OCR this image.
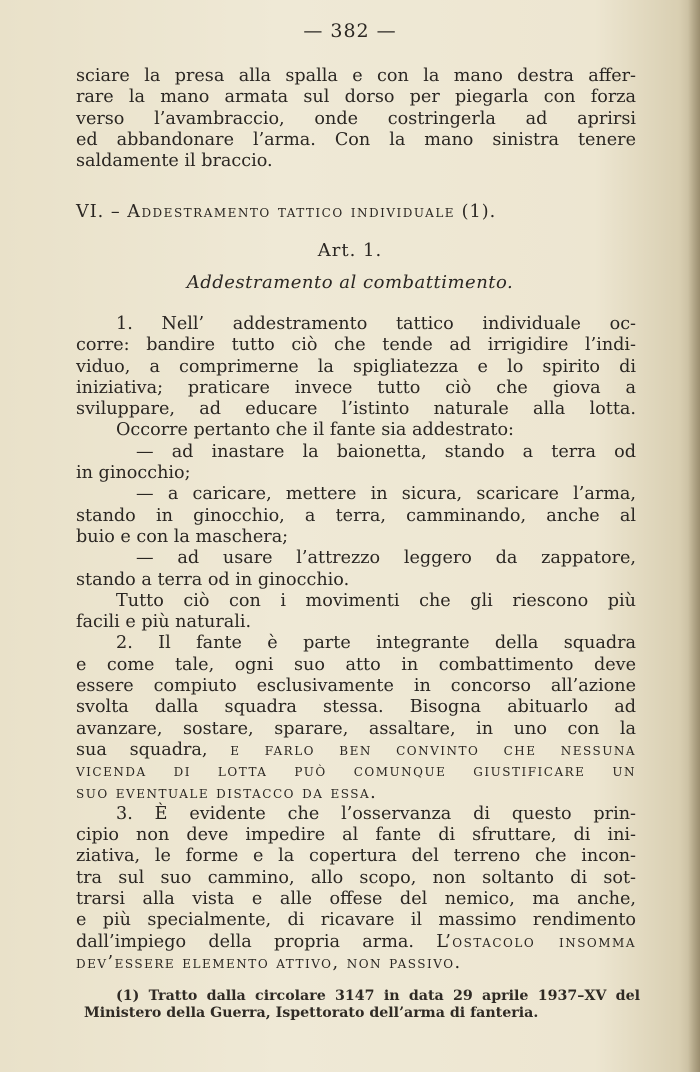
— 382 —
sciare la presa alla spalla e con la mano destra affer-
rare la mano armata sul dorso per piegarla con forza
verso l’avambraccio, onde costringerla ad aprirsi
ed abbandonare l’arma. Con la mano sinistra tenere
saldamente il braccio.
VI. – Addestramento tattico individuale (1).
Art. 1.
Addestramento al combattimento.
1. Nell’ addestramento tattico individuale oc-
corre: bandire tutto ciò che tende ad irrigidire l’indi-
viduo, a comprimerne la spigliatezza e lo spirito di
iniziativa; praticare invece tutto ciò che giova a
sviluppare, ad educare l’istinto naturale alla lotta.
Occorre pertanto che il fante sia addestrato:
— ad inastare la baionetta, stando a terra od
in ginocchio;
— a caricare, mettere in sicura, scaricare l’arma,
stando in ginocchio, a terra, camminando, anche al
buio e con la maschera;
— ad usare l’attrezzo leggero da zappatore,
stando a terra od in ginocchio.
Tutto ciò con i movimenti che gli riescono più
facili e più naturali.
2. Il fante è parte integrante della squadra
e come tale, ogni suo atto in combattimento deve
essere compiuto esclusivamente in concorso all’azione
svolta dalla squadra stessa. Bisogna abituarlo ad
avanzare, sostare, sparare, assaltare, in uno con la
sua squadra, e farlo ben convinto che nessuna
vicenda di lotta può comunque giustificare un
suo eventuale distacco da essa.
3. È evidente che l’osservanza di questo prin-
cipio non deve impedire al fante di sfruttare, di ini-
ziativa, le forme e la copertura del terreno che incon-
tra sul suo cammino, allo scopo, non soltanto di sot-
trarsi alla vista e alle offese del nemico, ma anche,
e più specialmente, di ricavare il massimo rendimento
dall’impiego della propria arma. L’ostacolo insomma
dev’essere elemento attivo, non passivo.
(1) Tratto dalla circolare 3147 in data 29 aprile 1937–XV del
Ministero della Guerra, Ispettorato dell’arma di fanteria.
